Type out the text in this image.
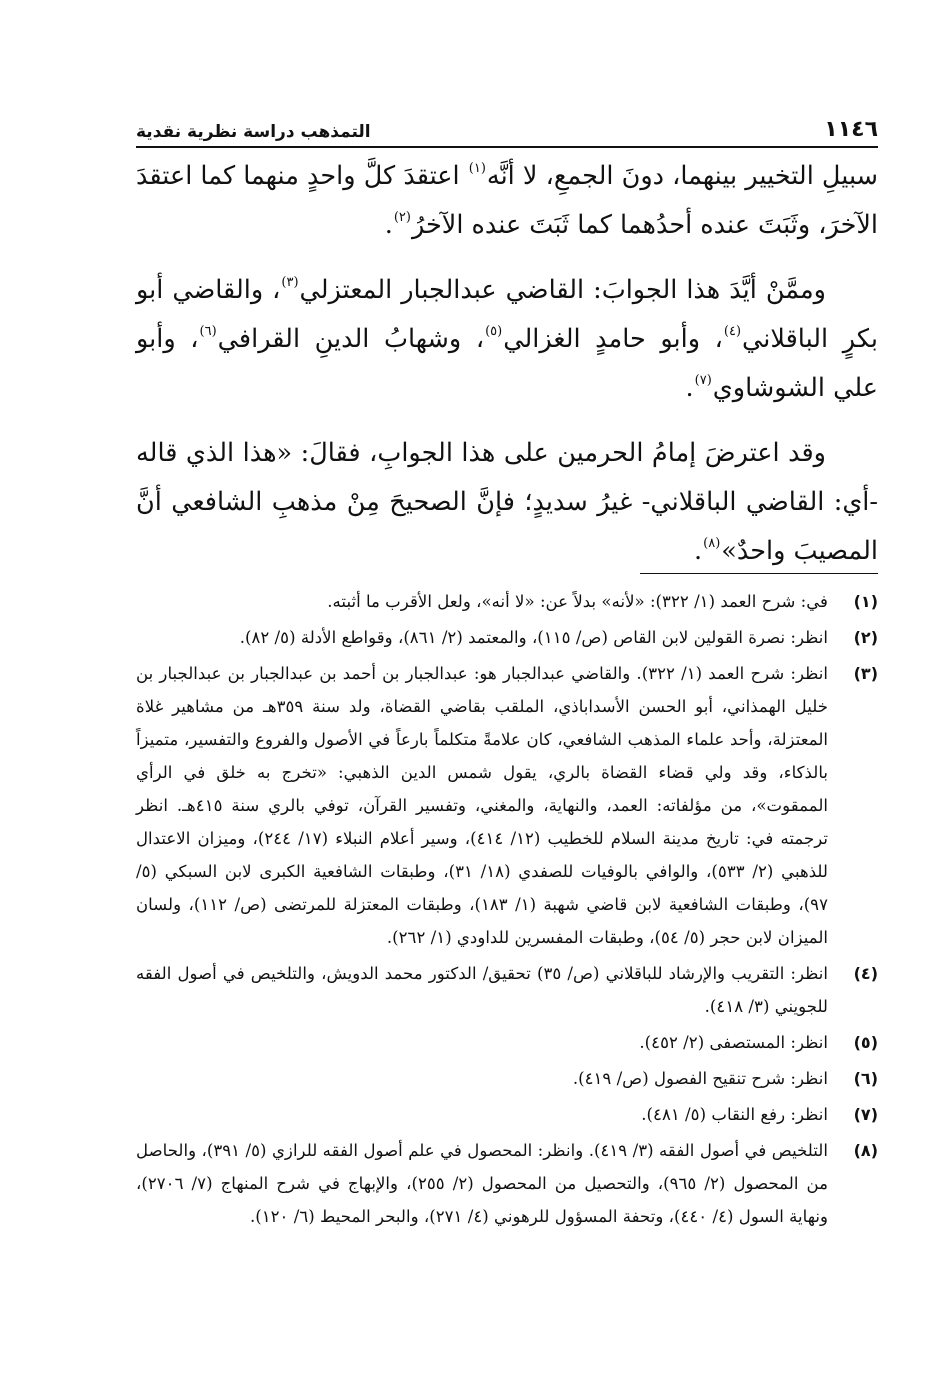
١١٤٦
التمذهب دراسة نظرية نقدية

سبيلِ التخيير بينهما، دونَ الجمعِ، لا أنَّه$^{(١)}$ اعتقدَ كلَّ واحدٍ منهما كما اعتقدَ الآخرَ، وثَبَتَ عنده أحدُهما كما ثَبَتَ عنده الآخرُ$^{(٢)}$.

وممَّنْ أيَّدَ هذا الجوابَ: القاضي عبدالجبار المعتزلي$^{(٣)}$، والقاضي أبو بكرٍ الباقلاني$^{(٤)}$، وأبو حامدٍ الغزالي$^{(٥)}$، وشهابُ الدينِ القرافي$^{(٦)}$، وأبو علي الشوشاوي$^{(٧)}$.

وقد اعترضَ إمامُ الحرمين على هذا الجوابِ، فقالَ: «هذا الذي قاله -أي: القاضي الباقلاني- غيرُ سديدٍ؛ فإنَّ الصحيحَ مِنْ مذهبِ الشافعي أنَّ المصيبَ واحدٌ»$^{(٨)}$.

(١)
في: شرح العمد (١/ ٣٢٢): «لأنه» بدلاً عن: «لا أنه»، ولعل الأقرب ما أثبته.
(٢)
انظر: نصرة القولين لابن القاص (ص/ ١١٥)، والمعتمد (٢/ ٨٦١)، وقواطع الأدلة (٥/ ٨٢).
(٣)
انظر: شرح العمد (١/ ٣٢٢). والقاضي عبدالجبار هو: عبدالجبار بن أحمد بن عبدالجبار بن عبدالجبار بن خليل الهمذاني، أبو الحسن الأسداباذي، الملقب بقاضي القضاة، ولد سنة ٣٥٩هـ من مشاهير غلاة المعتزلة، وأحد علماء المذهب الشافعي، كان علامةً متكلماً بارعاً في الأصول والفروع والتفسير، متميزاً بالذكاء، وقد ولي قضاء القضاة بالري، يقول شمس الدين الذهبي: «تخرج به خلق في الرأي الممقوت»، من مؤلفاته: العمد، والنهاية، والمغني، وتفسير القرآن، توفي بالري سنة ٤١٥هـ. انظر ترجمته في: تاريخ مدينة السلام للخطيب (١٢/ ٤١٤)، وسير أعلام النبلاء (١٧/ ٢٤٤)، وميزان الاعتدال للذهبي (٢/ ٥٣٣)، والوافي بالوفيات للصفدي (١٨/ ٣١)، وطبقات الشافعية الكبرى لابن السبكي (٥/ ٩٧)، وطبقات الشافعية لابن قاضي شهبة (١/ ١٨٣)، وطبقات المعتزلة للمرتضى (ص/ ١١٢)، ولسان الميزان لابن حجر (٥/ ٥٤)، وطبقات المفسرين للداودي (١/ ٢٦٢).
(٤)
انظر: التقريب والإرشاد للباقلاني (ص/ ٣٥) تحقيق/ الدكتور محمد الدويش، والتلخيص في أصول الفقه للجويني (٣/ ٤١٨).
(٥)
انظر: المستصفى (٢/ ٤٥٢).
(٦)
انظر: شرح تنقيح الفصول (ص/ ٤١٩).
(٧)
انظر: رفع النقاب (٥/ ٤٨١).
(٨)
التلخيص في أصول الفقه (٣/ ٤١٩). وانظر: المحصول في علم أصول الفقه للرازي (٥/ ٣٩١)، والحاصل من المحصول (٢/ ٩٦٥)، والتحصيل من المحصول (٢/ ٢٥٥)، والإبهاج في شرح المنهاج (٧/ ٢٧٠٦)، ونهاية السول (٤/ ٤٤٠)، وتحفة المسؤول للرهوني (٤/ ٢٧١)، والبحر المحيط (٦/ ١٢٠).
